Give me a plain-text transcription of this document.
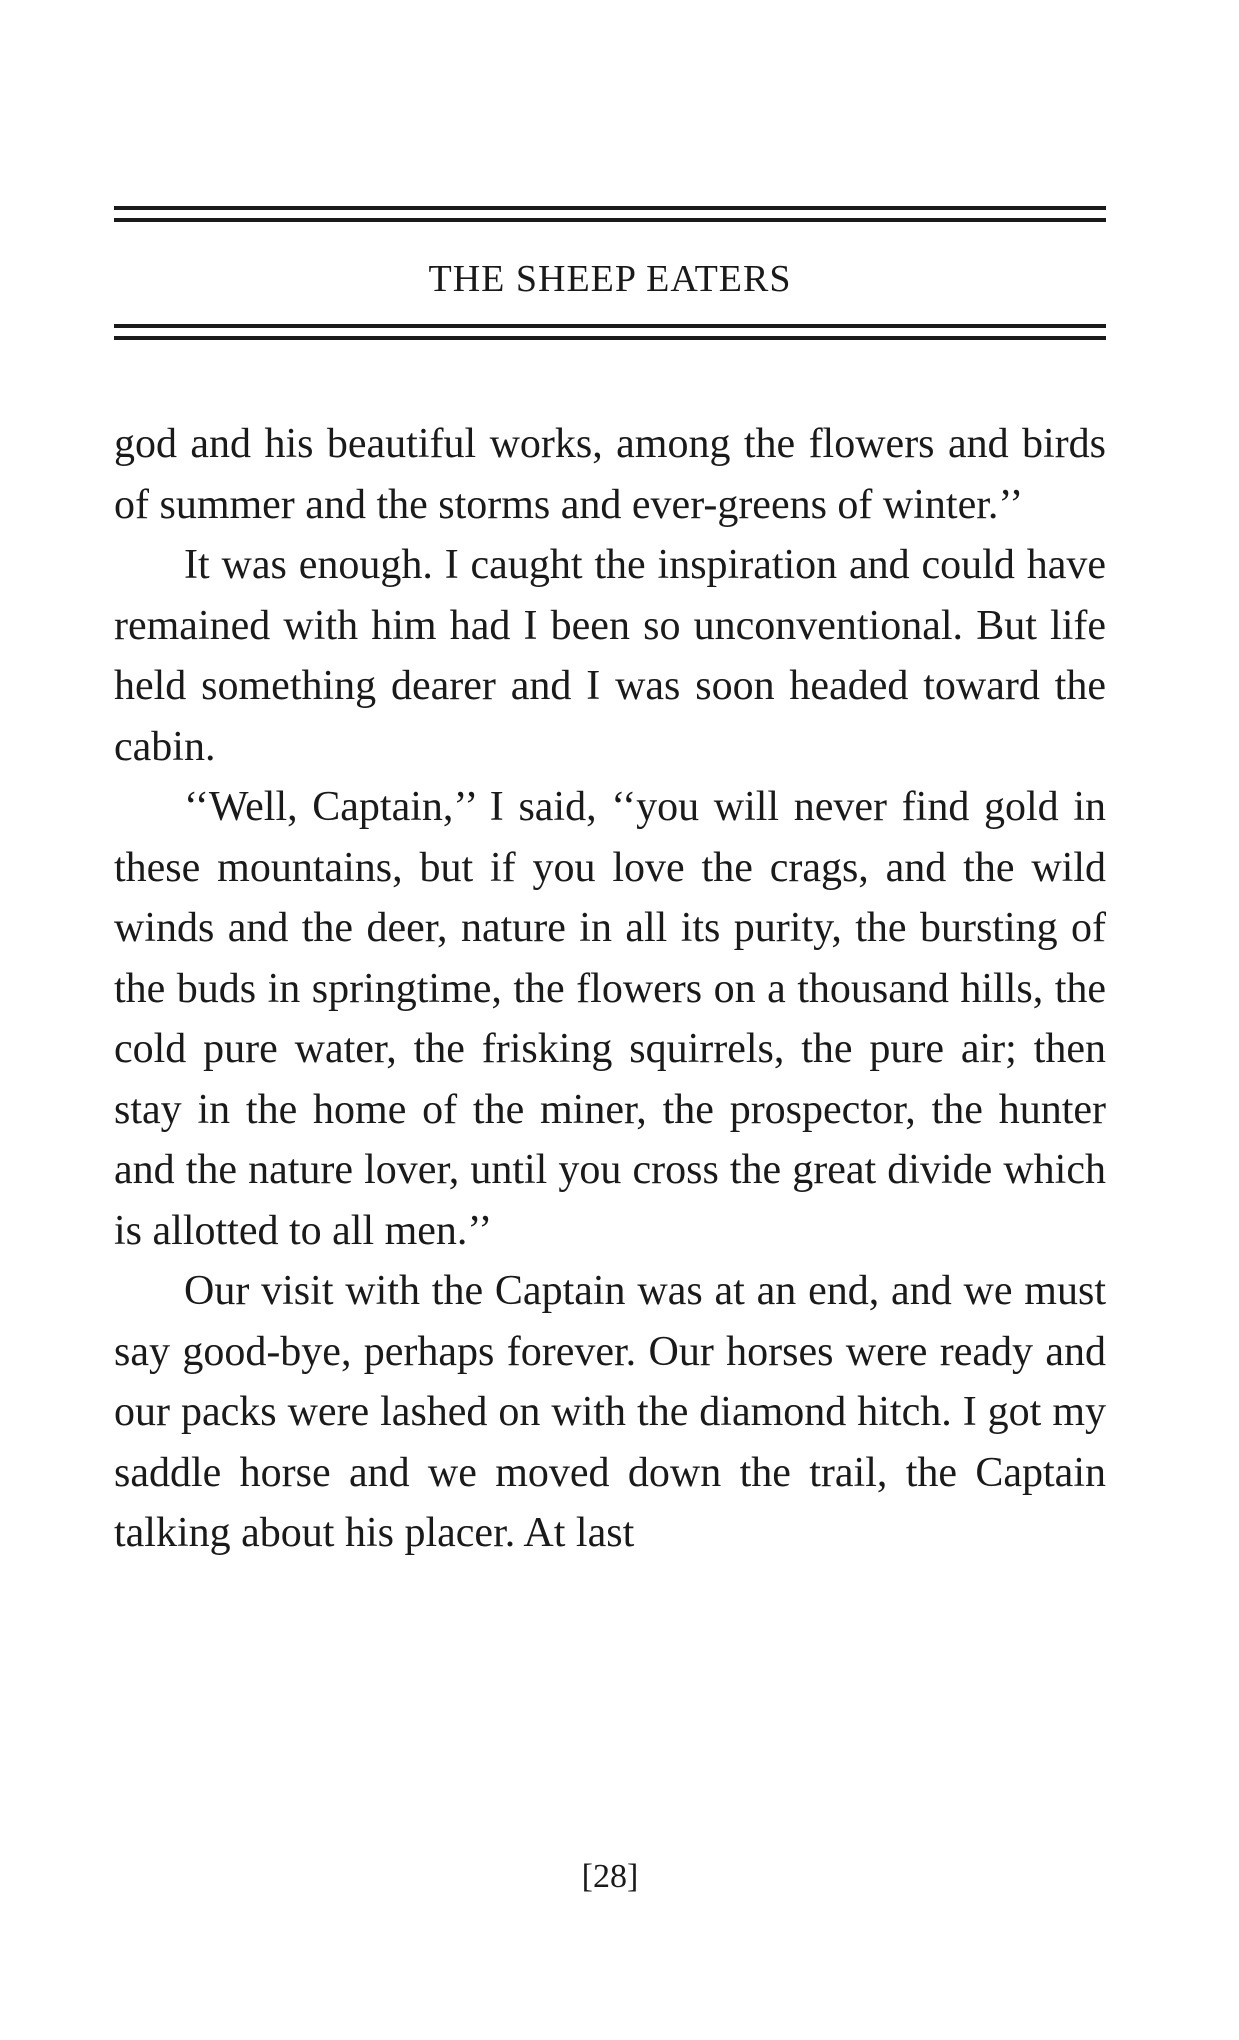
THE SHEEP EATERS

god and his beautiful works, among the flowers and birds of summer and the storms and ever-greens of winter.’’

It was enough. I caught the inspiration and could have remained with him had I been so unconventional. But life held something dearer and I was soon headed toward the cabin.

‘‘Well, Captain,’’ I said, ‘‘you will never find gold in these mountains, but if you love the crags, and the wild winds and the deer, nature in all its purity, the bursting of the buds in springtime, the flowers on a thousand hills, the cold pure water, the frisking squirrels, the pure air; then stay in the home of the miner, the prospector, the hunter and the nature lover, until you cross the great divide which is allotted to all men.’’

Our visit with the Captain was at an end, and we must say good-bye, perhaps forever. Our horses were ready and our packs were lashed on with the diamond hitch. I got my saddle horse and we moved down the trail, the Captain talking about his placer. At last

[28]
